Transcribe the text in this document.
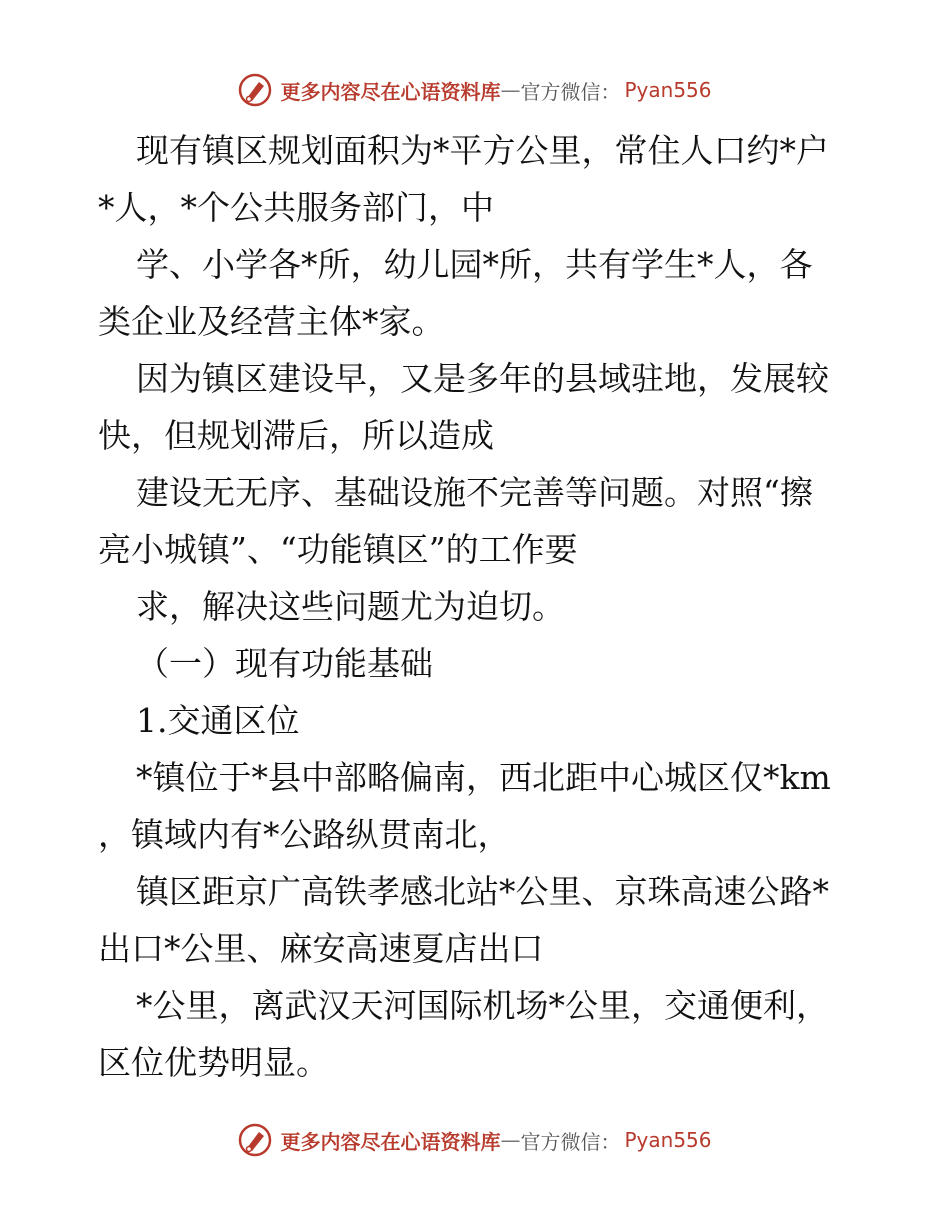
更多内容尽在心语资料库 — 官方微信： Pyan556
现有镇区规划面积为*平方公里，常住人口约*户
*人，*个公共服务部门，中
学、小学各*所，幼儿园*所，共有学生*人，各
类企业及经营主体*家。
因为镇区建设早，又是多年的县域驻地，发展较
快，但规划滞后，所以造成
建设无无序、基础设施不完善等问题。对照“擦
亮小城镇”、“功能镇区”的工作要
求，解决这些问题尤为迫切。
（一）现有功能基础
1.交通区位
*镇位于*县中部略偏南，西北距中心城区仅*km
，镇域内有*公路纵贯南北，
镇区距京广高铁孝感北站*公里、京珠高速公路*
出口*公里、麻安高速夏店出口
*公里，离武汉天河国际机场*公里，交通便利，
区位优势明显。
更多内容尽在心语资料库 — 官方微信： Pyan556
